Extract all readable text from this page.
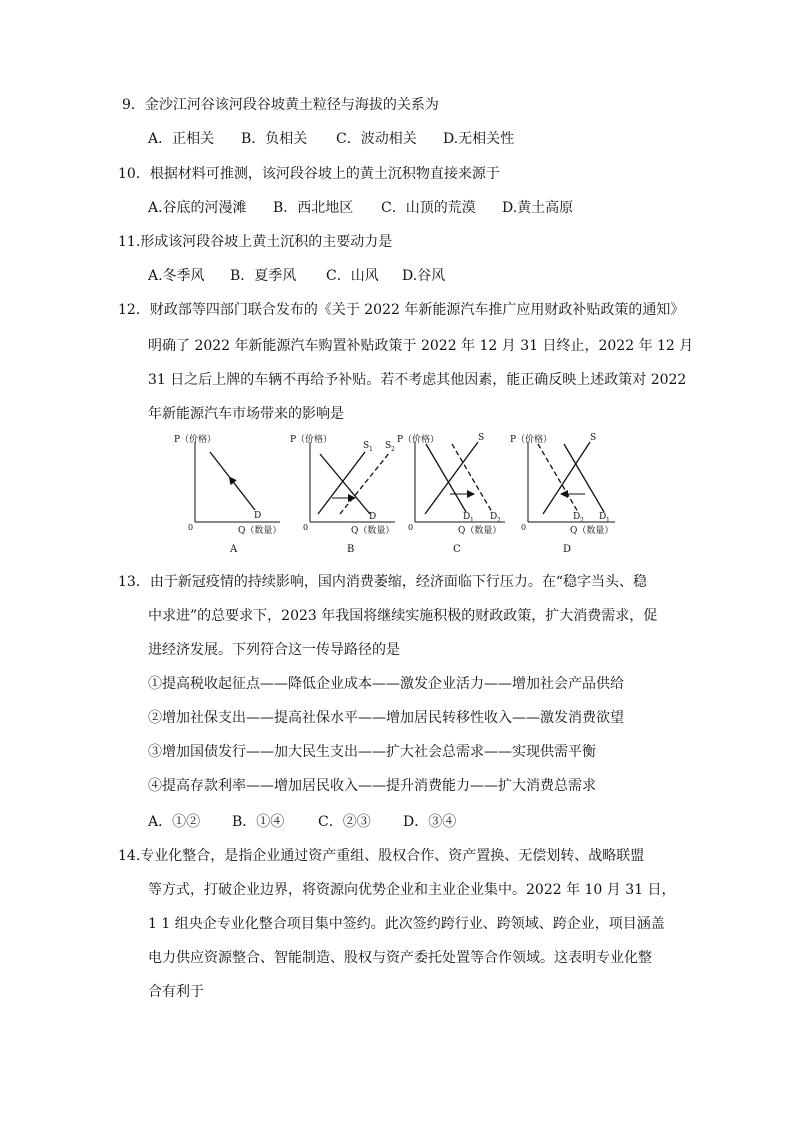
9．金沙江河谷该河段谷坡黄土粒径与海拔的关系为
A．正相关 B．负相关 C．波动相关 D.无相关性
10．根据材料可推测，该河段谷坡上的黄土沉积物直接来源于
A.谷底的河漫滩 B．西北地区 C．山顶的荒漠 D.黄土高原
11.形成该河段谷坡上黄土沉积的主要动力是
A.冬季风 B．夏季风 C．山风 D.谷风
12．财政部等四部门联合发布的《关于 2022 年新能源汽车推广应用财政补贴政策的通知》
明确了 2022 年新能源汽车购置补贴政策于 2022 年 12 月 31 日终止，2022 年 12 月
31 日之后上牌的车辆不再给予补贴。若不考虑其他因素，能正确反映上述政策对 2022
年新能源汽车市场带来的影响是
P（价格）
Q（数量）
0
D
A
P（价格）
Q（数量）
0
S 1 S 2
D
B
P（价格）
Q（数量）
0
S
D 1 D 2
C
P（价格）
Q（数量）
0
S
D 2 D 1
D
13．由于新冠疫情的持续影响，国内消费萎缩，经济面临下行压力。在“稳字当头、稳
中求进”的总要求下，2023 年我国将继续实施积极的财政政策，扩大消费需求，促
进经济发展。下列符合这一传导路径的是
①提高税收起征点——降低企业成本——激发企业活力——增加社会产品供给
②增加社保支出——提高社保水平——增加居民转移性收入——激发消费欲望
③增加国债发行——加大民生支出——扩大社会总需求——实现供需平衡
④提高存款利率——增加居民收入——提升消费能力——扩大消费总需求
A．①② B．①④ C．②③ D．③④
14.专业化整合，是指企业通过资产重组、股权合作、资产置换、无偿划转、战略联盟
等方式，打破企业边界，将资源向优势企业和主业企业集中。2022 年 10 月 31 日，
1 1 组央企专业化整合项目集中签约。此次签约跨行业、跨领域、跨企业，项目涵盖
电力供应资源整合、智能制造、股权与资产委托处置等合作领域。这表明专业化整
合有利于
